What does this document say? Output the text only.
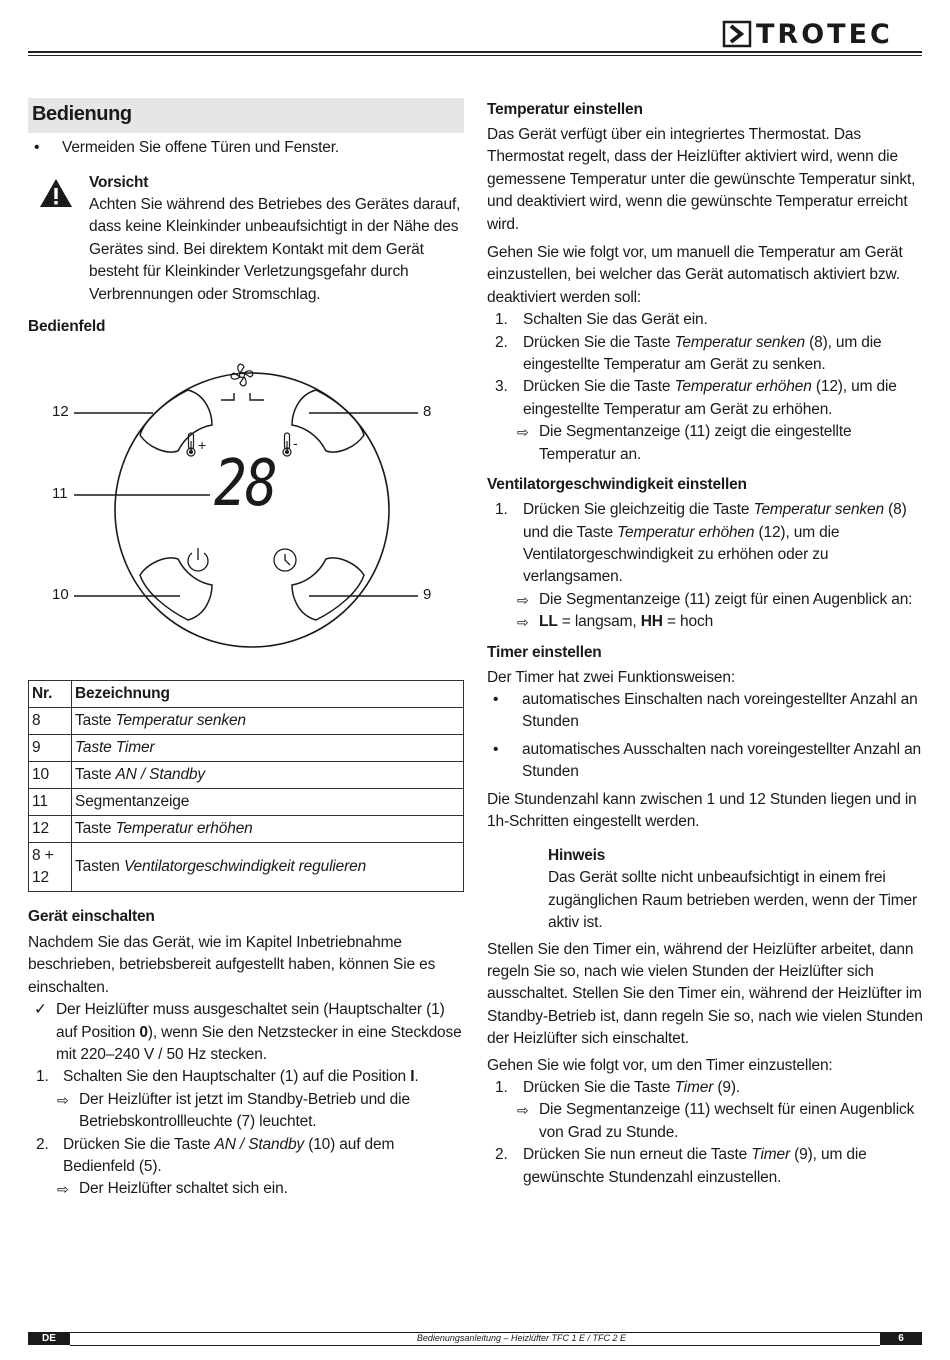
TROTEC
Bedienung
•	Vermeiden Sie offene Türen und Fenster.
Vorsicht

Achten Sie während des Betriebes des Gerätes darauf, dass keine Kleinkinder unbeaufsichtigt in der Nähe des Gerätes sind. Bei direktem Kontakt mit dem Gerät besteht für Kleinkinder Verletzungsgefahr durch Verbrennungen oder Stromschlag.

Bedienfeld
12	8
11
10	9
+	-
28
Nr.	Bezeichnung
8	Taste Temperatur senken
9	Taste Timer
10	Taste AN / Standby
11	Segmentanzeige
12	Taste Temperatur erhöhen
8 + 12	Tasten Ventilatorgeschwindigkeit regulieren
Gerät einschalten

Nachdem Sie das Gerät, wie im Kapitel Inbetriebnahme beschrieben, betriebsbereit aufgestellt haben, können Sie es einschalten.

✓ Der Heizlüfter muss ausgeschaltet sein (Hauptschalter (1) auf Position 0), wenn Sie den Netzstecker in eine Steckdose mit 220–240 V / 50 Hz stecken.
1. Schalten Sie den Hauptschalter (1) auf die Position I.
⇨ Der Heizlüfter ist jetzt im Standby-Betrieb und die Betriebskontrollleuchte (7) leuchtet.
2. Drücken Sie die Taste AN / Standby (10) auf dem Bedienfeld (5).
⇨ Der Heizlüfter schaltet sich ein.
Temperatur einstellen

Das Gerät verfügt über ein integriertes Thermostat. Das Thermostat regelt, dass der Heizlüfter aktiviert wird, wenn die gemessene Temperatur unter die gewünschte Temperatur sinkt, und deaktiviert wird, wenn die gewünschte Temperatur erreicht wird.

Gehen Sie wie folgt vor, um manuell die Temperatur am Gerät einzustellen, bei welcher das Gerät automatisch aktiviert bzw. deaktiviert werden soll:

1. Schalten Sie das Gerät ein.
2. Drücken Sie die Taste Temperatur senken (8), um die eingestellte Temperatur am Gerät zu senken.
3. Drücken Sie die Taste Temperatur erhöhen (12), um die eingestellte Temperatur am Gerät zu erhöhen.
⇨ Die Segmentanzeige (11) zeigt die eingestellte Temperatur an.
Ventilatorgeschwindigkeit einstellen
1. Drücken Sie gleichzeitig die Taste Temperatur senken (8) und die Taste Temperatur erhöhen (12), um die Ventilatorgeschwindigkeit zu erhöhen oder zu verlangsamen.
⇨ Die Segmentanzeige (11) zeigt für einen Augenblick an:
⇨ LL = langsam, HH = hoch
Timer einstellen

Der Timer hat zwei Funktionsweisen:

•	automatisches Einschalten nach voreingestellter Anzahl an Stunden
•	automatisches Ausschalten nach voreingestellter Anzahl an Stunden

Die Stundenzahl kann zwischen 1 und 12 Stunden liegen und in 1h-Schritten eingestellt werden.

Hinweis

Das Gerät sollte nicht unbeaufsichtigt in einem frei zugänglichen Raum betrieben werden, wenn der Timer aktiv ist.

Stellen Sie den Timer ein, während der Heizlüfter arbeitet, dann regeln Sie so, nach wie vielen Stunden der Heizlüfter sich ausschaltet. Stellen Sie den Timer ein, während der Heizlüfter im Standby-Betrieb ist, dann regeln Sie so, nach wie vielen Stunden der Heizlüfter sich einschaltet.

Gehen Sie wie folgt vor, um den Timer einzustellen:

1. Drücken Sie die Taste Timer (9).
⇨ Die Segmentanzeige (11) wechselt für einen Augenblick von Grad zu Stunde.
2. Drücken Sie nun erneut die Taste Timer (9), um die gewünschte Stundenzahl einzustellen.
DE	Bedienungsanleitung – Heizlüfter TFC 1 E / TFC 2 E	6
